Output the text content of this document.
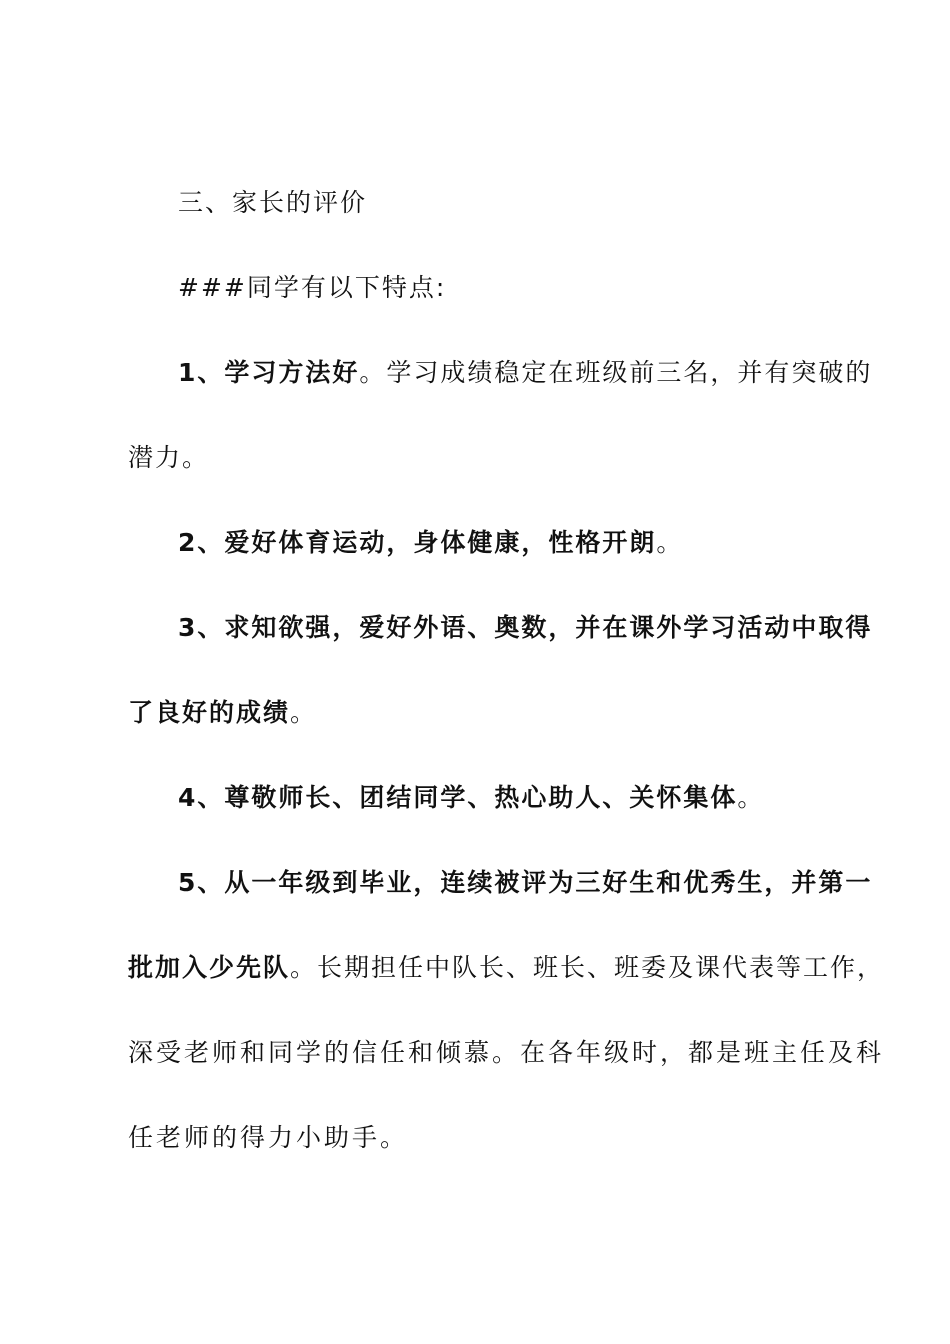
三、家长的评价
###同学有以下特点:
1、学习方法好。学习成绩稳定在班级前三名，并有突破的
潜力。
2、爱好体育运动，身体健康，性格开朗。
3、求知欲强，爱好外语、奥数，并在课外学习活动中取得
了良好的成绩。
4、尊敬师长、团结同学、热心助人、关怀集体。
5、从一年级到毕业，连续被评为三好生和优秀生，并第一
批加入少先队。长期担任中队长、班长、班委及课代表等工作，
深受老师和同学的信任和倾慕。在各年级时，都是班主任及科
任老师的得力小助手。
